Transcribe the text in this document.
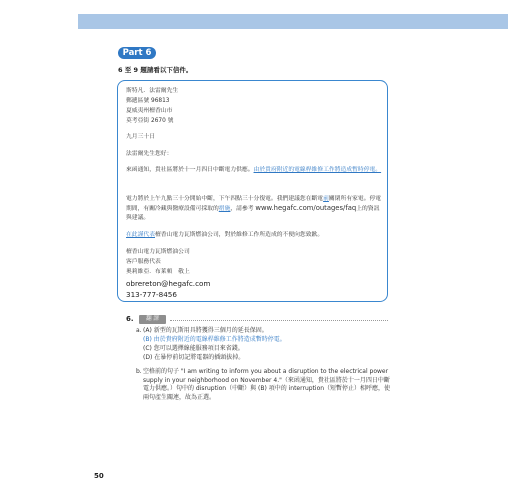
Part 6
6 至 9 題請看以下信件。
斯特凡．法雷爾先生
郵遞區號 96813
夏威夷州檀香山市
莫考亞街 2670 號
九月三十日
法雷爾先生您好：
來函通知，貴社區將於十一月四日中斷電力供應。由於貴府附近的電線桿維修工作將造成暫時停電。
電力將於上午九點三十分開始中斷，下午四點三十分復電。我們建議您在斷電前關閉所有家電。停電期間，有關冷藏與醫療設備可採取的措施，請參考 www.hegafc.com/outages/faq上的資訊與建議。
在此謹代表檀香山電力瓦斯燃油公司，對於維修工作所造成的不便向您致歉。
檀香山電力瓦斯燃油公司
客戶服務代表
奧莉維亞．布萊頓　敬上
obrereton@hegafc.com
313-777-8456
6.	翻 譯
a. (A) 新型的瓦斯用具將獲得三個月的延長保固。
(B) 由於貴府附近的電線桿維修工作將造成暫時停電。
(C) 您可以選擇線能服務項目來省錢。
(D) 在暴停前切記將電器的插頭拔掉。
b. 空格前的句子 "I am writing to inform you about a disruption to the electrical power supply in your neighborhood on November 4."（來函通知，貴社區將於十一月四日中斷電力供應。）句中的 disruption（中斷）與 (B) 項中的 interruption（短暫停止）相呼應，使兩句產生關連，故為正選。
50
